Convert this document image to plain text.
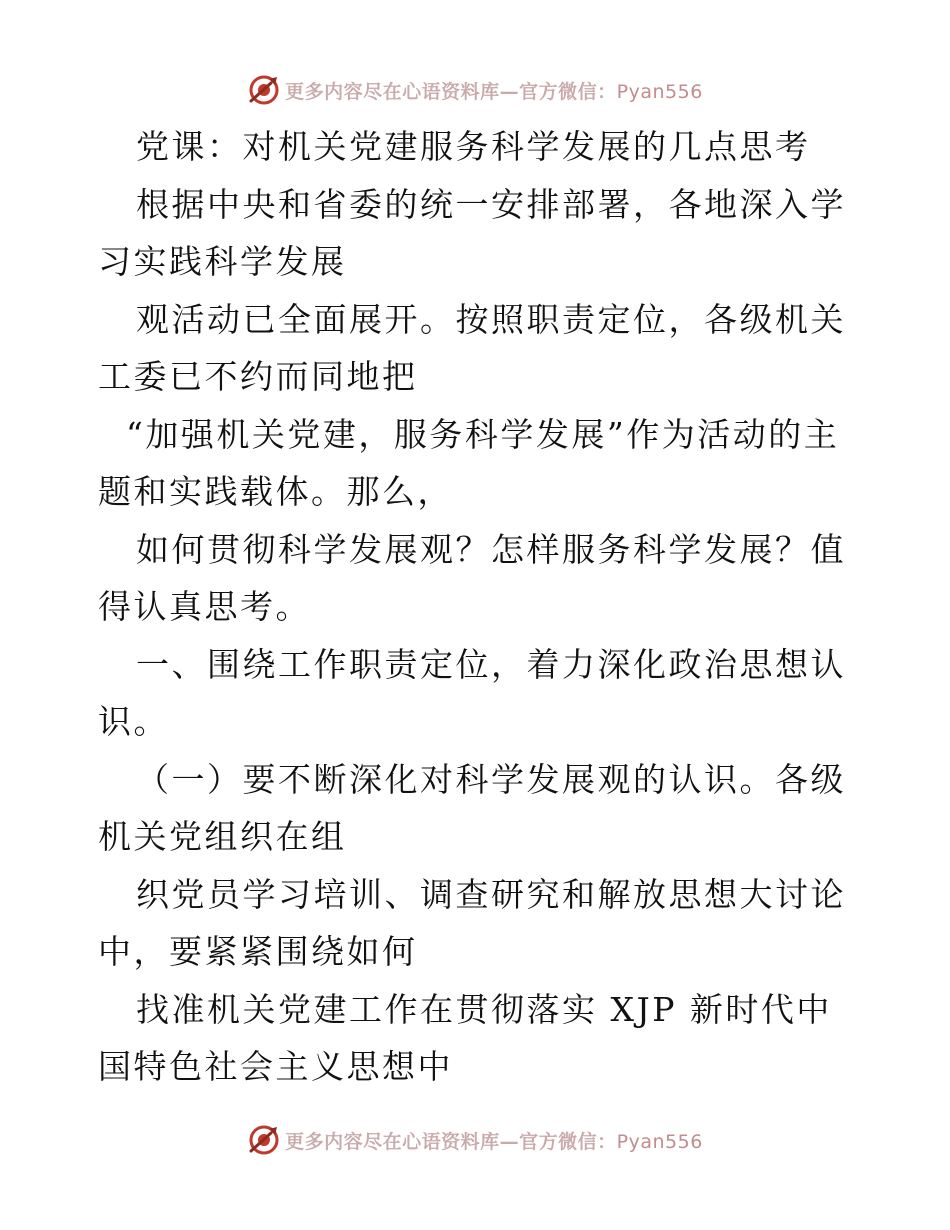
更多内容尽在心语资料库—官方微信：Pyan556

党课：对机关党建服务科学发展的几点思考

根据中央和省委的统一安排部署，各地深入学习实践科学发展

观活动已全面展开。按照职责定位，各级机关工委已不约而同地把

“加强机关党建，服务科学发展”作为活动的主题和实践载体。那么，

如何贯彻科学发展观？怎样服务科学发展？值得认真思考。

一、围绕工作职责定位，着力深化政治思想认识。

（一）要不断深化对科学发展观的认识。各级机关党组织在组

织党员学习培训、调查研究和解放思想大讨论中，要紧紧围绕如何

找准机关党建工作在贯彻落实 XJP 新时代中国特色社会主义思想中

更多内容尽在心语资料库—官方微信：Pyan556
